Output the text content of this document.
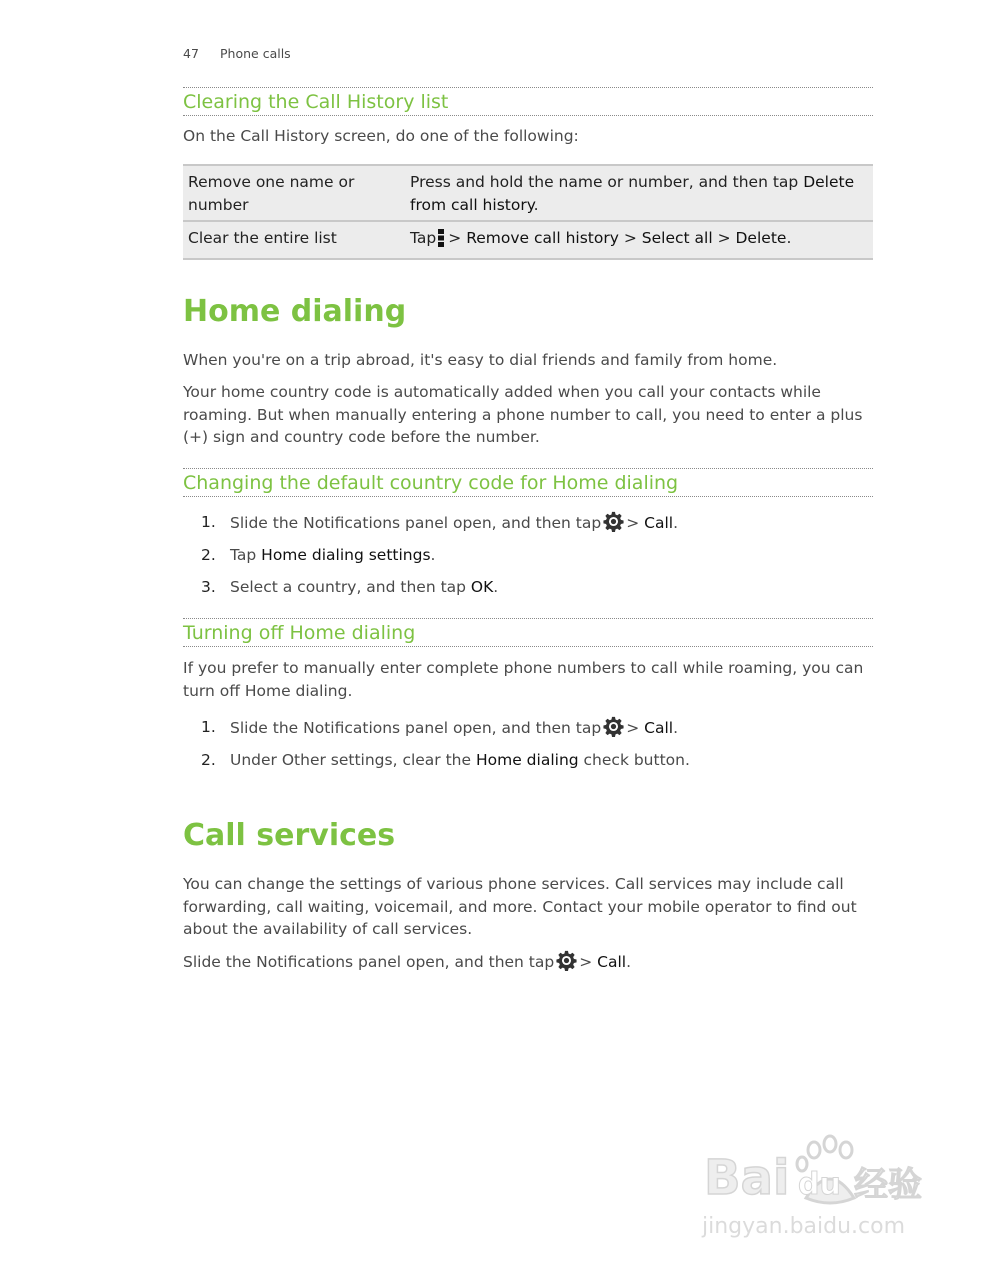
47 Phone calls
Clearing the Call History list

On the Call History screen, do one of the following:

Remove one name or number	Press and hold the name or number, and then tap Delete from call history.
Clear the entire list	Tap > Remove call history > Select all > Delete.
Home dialing

When you're on a trip abroad, it's easy to dial friends and family from home.

Your home country code is automatically added when you call your contacts while roaming. But when manually entering a phone number to call, you need to enter a plus (+) sign and country code before the number.

Changing the default country code for Home dialing
1. Slide the Notifications panel open, and then tap > Call.
2. Tap Home dialing settings.
3. Select a country, and then tap OK.
Turning off Home dialing

If you prefer to manually enter complete phone numbers to call while roaming, you can turn off Home dialing.

1. Slide the Notifications panel open, and then tap > Call.
2. Under Other settings, clear the Home dialing check button.
Call services

You can change the settings of various phone services. Call services may include call forwarding, call waiting, voicemail, and more. Contact your mobile operator to find out about the availability of call services.

Slide the Notifications panel open, and then tap > Call.

Bai du 经验
jingyan.baidu.com
